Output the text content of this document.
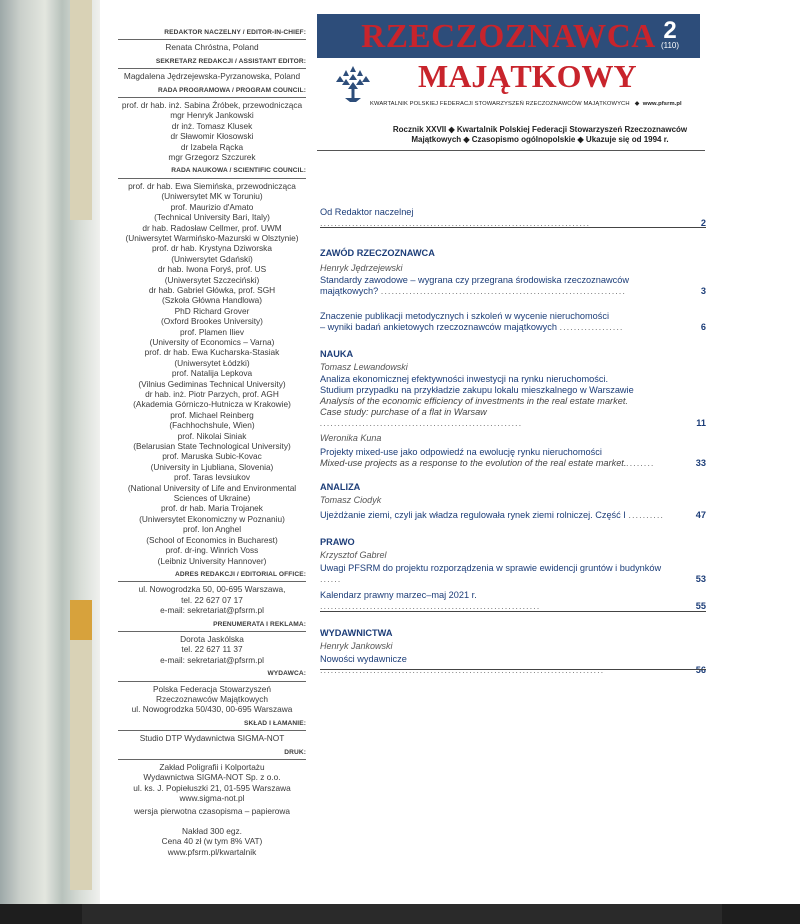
REDAKTOR NACZELNY / EDITOR-IN-CHIEF:
Renata Chróstna, Poland
SEKRETARZ REDAKCJI / ASSISTANT EDITOR:
Magdalena Jędrzejewska-Pyrzanowska, Poland
RADA PROGRAMOWA / PROGRAM COUNCIL:
prof. dr hab. inż. Sabina Źróbek, przewodnicząca
mgr Henryk Jankowski
dr inż. Tomasz Klusek
dr Sławomir Kłosowski
dr Izabela Rącka
mgr Grzegorz Szczurek
RADA NAUKOWA / SCIENTIFIC COUNCIL:
prof. dr hab. Ewa Siemińska, przewodnicząca
(Uniwersytet MK w Toruniu)
prof. Maurizio d'Amato
(Technical University Bari, Italy)
dr hab. Radosław Cellmer, prof. UWM
(Uniwersytet Warmińsko-Mazurski w Olsztynie)
prof. dr hab. Krystyna Dziworska
(Uniwersytet Gdański)
dr hab. Iwona Foryś, prof. US
(Uniwersytet Szczeciński)
dr hab. Gabriel Główka, prof. SGH
(Szkoła Główna Handlowa)
PhD Richard Grover
(Oxford Brookes University)
prof. Plamen Iliev
(University of Economics – Varna)
prof. dr hab. Ewa Kucharska-Stasiak
(Uniwersytet Łódzki)
prof. Natalija Lepkova
(Vilnius Gediminas Technical University)
dr hab. inż. Piotr Parzych, prof. AGH
(Akademia Górniczo-Hutnicza w Krakowie)
prof. Michael Reinberg
(Fachhochshule, Wien)
prof. Nikolai Siniak
(Belarusian State Technological University)
prof. Maruska Subic-Kovac
(University in Ljubliana, Slovenia)
prof. Taras Ievsiukov
(National University of Life and Environmental
Sciences of Ukraine)
prof. dr hab. Maria Trojanek
(Uniwersytet Ekonomiczny w Poznaniu)
prof. Ion Anghel
(School of Economics in Bucharest)
prof. dr-ing. Winrich Voss
(Leibniz University Hannover)
ADRES REDAKCJI / EDITORIAL OFFICE:
ul. Nowogrodzka 50, 00-695 Warszawa,
tel. 22 627 07 17
e-mail: sekretariat@pfsrm.pl
PRENUMERATA I REKLAMA:
Dorota Jaskólska
tel. 22 627 11 37
e-mail: sekretariat@pfsrm.pl
WYDAWCA:
Polska Federacja Stowarzyszeń
Rzeczoznawców Majątkowych
ul. Nowogrodzka 50/430, 00-695 Warszawa
SKŁAD I ŁAMANIE:
Studio DTP Wydawnictwa SIGMA-NOT
DRUK:
Zakład Poligrafii i Kolportażu
Wydawnictwa SIGMA-NOT Sp. z o.o.
ul. ks. J. Popiełuszki 21, 01-595 Warszawa
www.sigma-not.pl
wersja pierwotna czasopisma – papierowa
Nakład 300 egz.
Cena 40 zł (w tym 8% VAT)
www.pfsrm.pl/kwartalnik
RZECZOZNAWCA 2
(110)
MAJĄTKOWY
KWARTALNIK POLSKIEJ FEDERACJI STOWARZYSZEŃ RZECZOZNAWCÓW MAJĄTKOWYCH   ◆  www.pfsrm.pl
Rocznik XXVII ◆ Kwartalnik Polskiej Federacji Stowarzyszeń Rzeczoznawców
Majątkowych ◆ Czasopismo ogólnopolskie ◆ Ukazuje się od 1994 r.
Od Redaktor naczelnej ............................................................................	2
ZAWÓD RZECZOZNAWCA
Henryk Jędrzejewski
Standardy zawodowe – wygrana czy przegrana środowiska rzeczoznawców
majątkowych? .....................................................................	3
Znaczenie publikacji metodycznych i szkoleń w wycenie nieruchomości
– wyniki badań ankietowych rzeczoznawców majątkowych ..................	6
NAUKA
Tomasz Lewandowski
Analiza ekonomicznej efektywności inwestycji na rynku nieruchomości.
Studium przypadku na przykładzie zakupu lokalu mieszkalnego w Warszawie
Analysis of the economic efficiency of investments in the real estate market.
Case study: purchase of a flat in Warsaw .........................................................	11
Weronika Kuna
Projekty mixed-use jako odpowiedź na ewolucję rynku nieruchomości
Mixed-use projects as a response to the evolution of the real estate market.........	33
ANALIZA
Tomasz Ciodyk
Ujeżdżanie ziemi, czyli jak władza regulowała rynek ziemi rolniczej. Część I ..........	47
PRAWO
Krzysztof Gabrel
Uwagi PFSRM do projektu rozporządzenia w sprawie ewidencji gruntów i budynków ......	53
Kalendarz prawny marzec–maj 2021 r. ..............................................................	55
WYDAWNICTWA
Henryk Jankowski
Nowości wydawnicze ................................................................................	56
